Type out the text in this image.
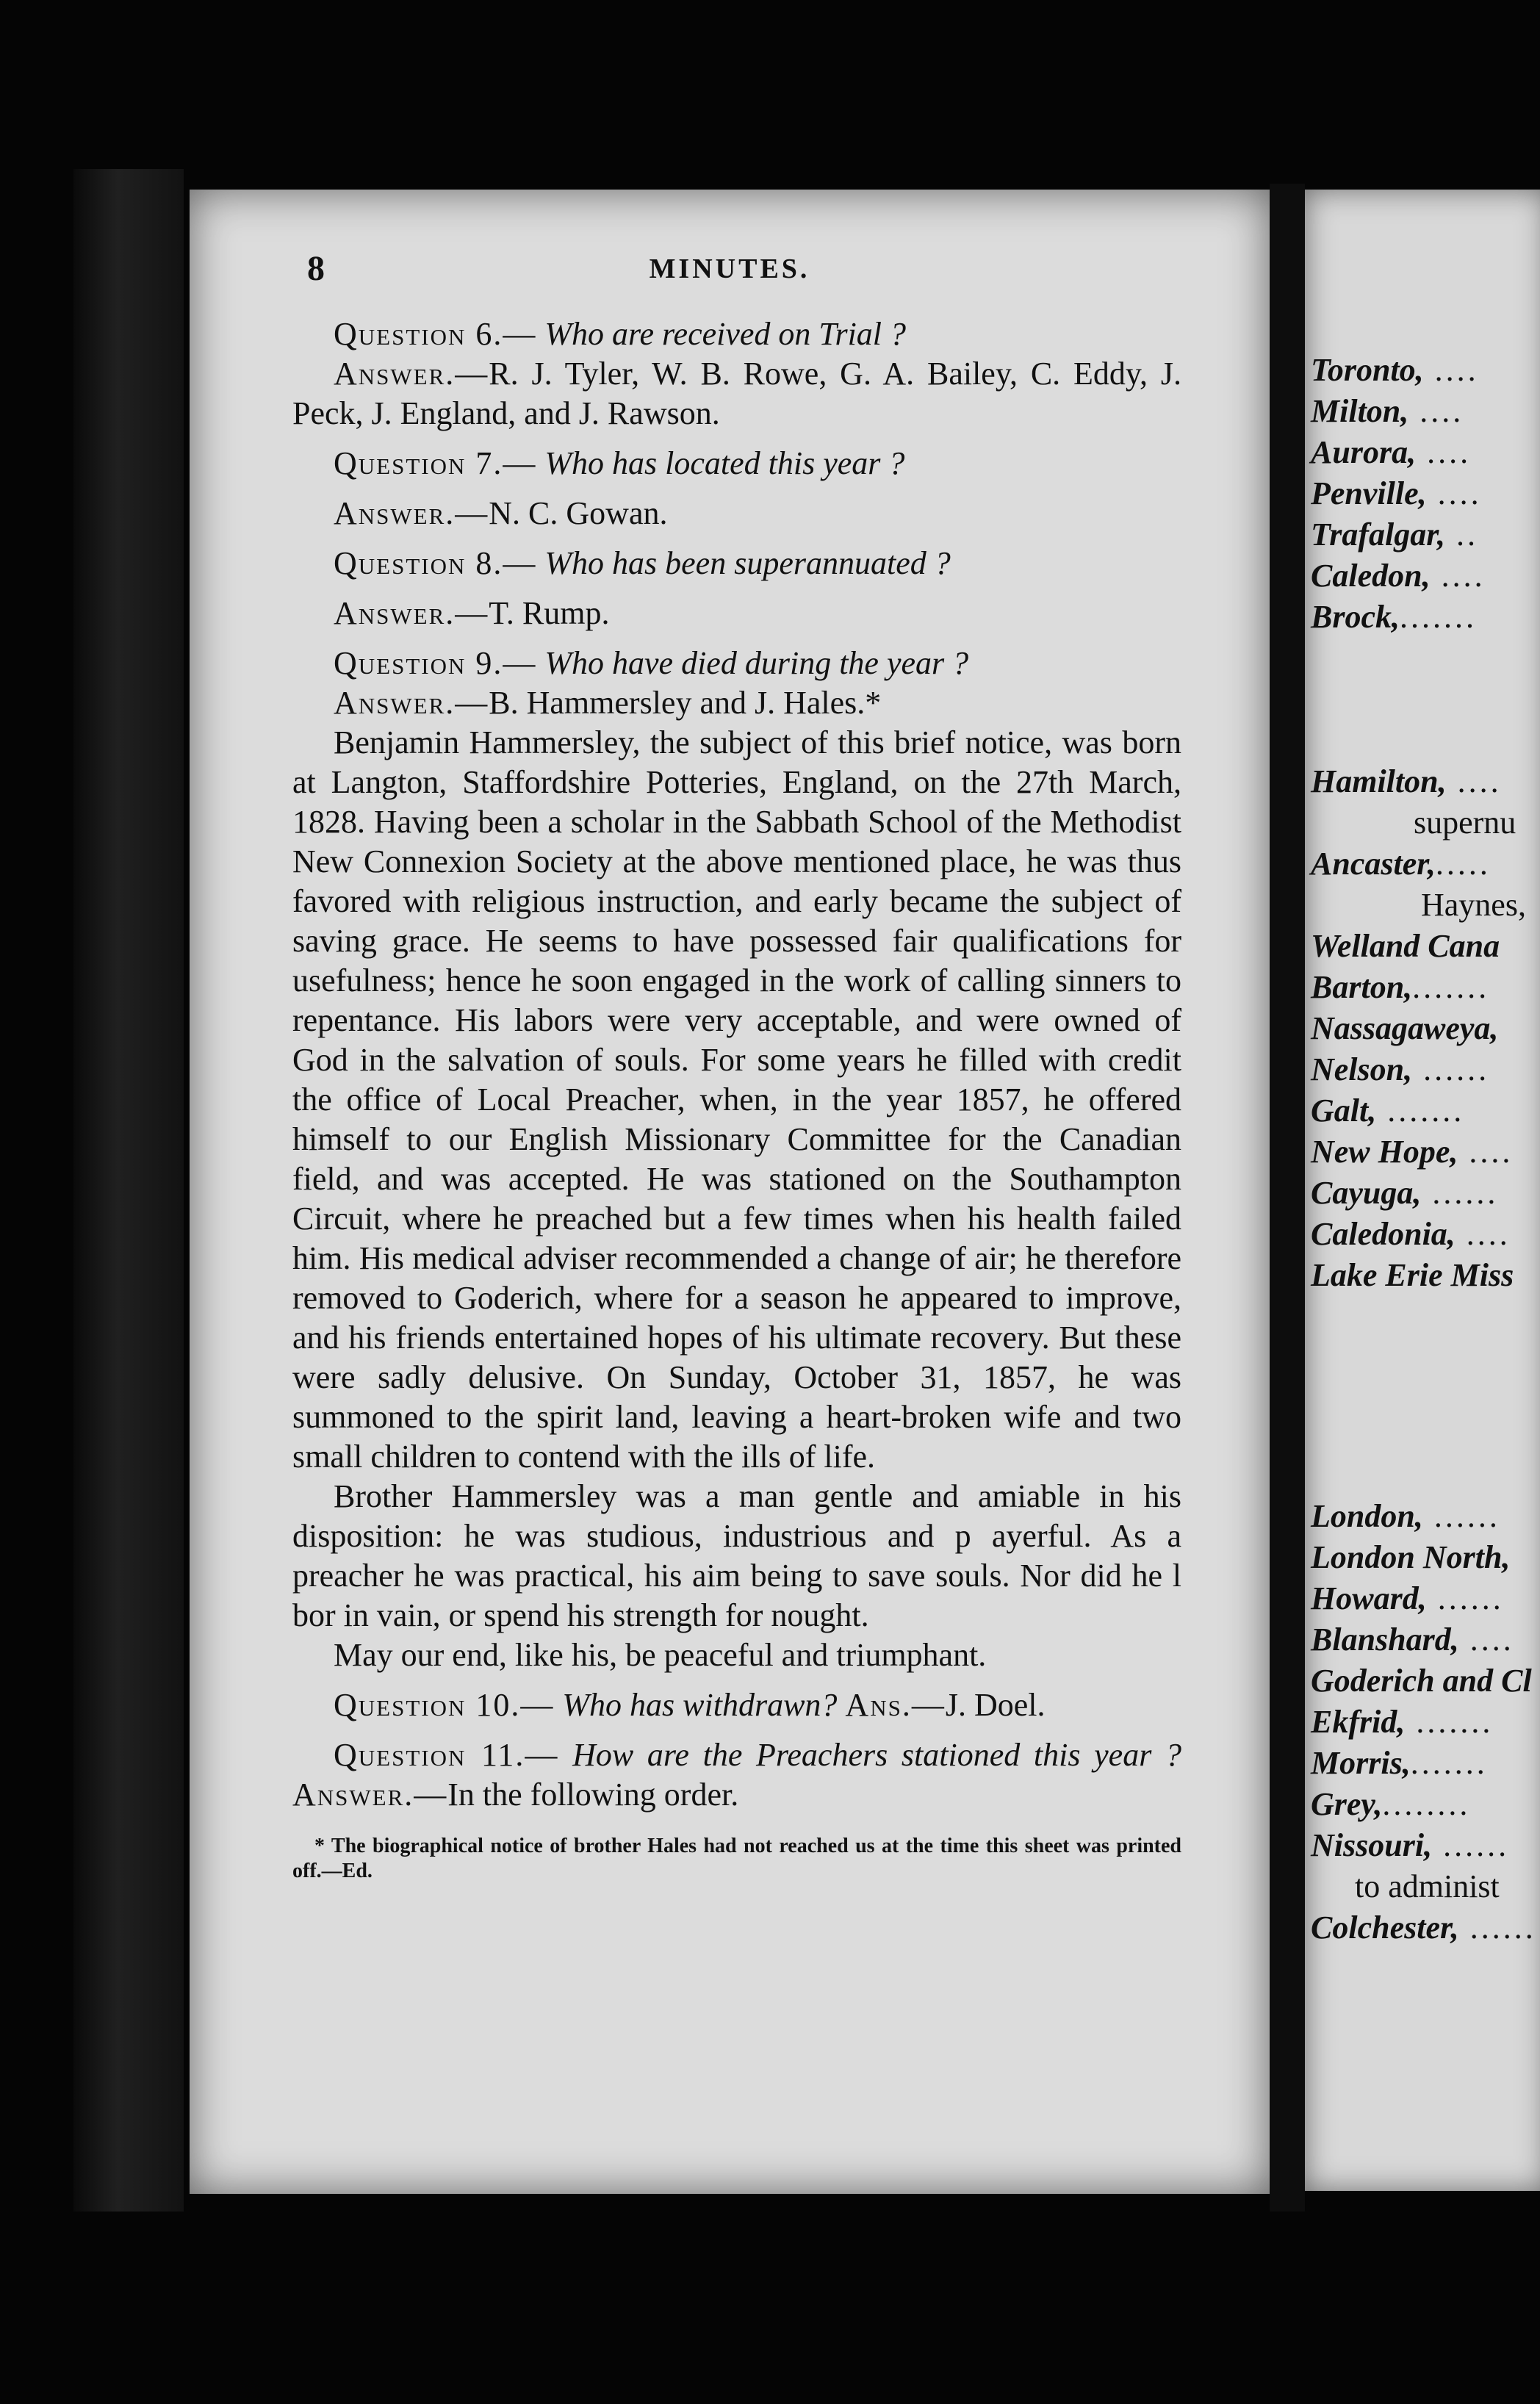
8	MINUTES.

Question 6.— Who are received on Trial ?

Answer.—R. J. Tyler, W. B. Rowe, G. A. Bailey, C. Eddy, J. Peck, J. England, and J. Rawson.

Question 7.— Who has located this year ?

Answer.—N. C. Gowan.

Question 8.— Who has been superannuated ?

Answer.—T. Rump.

Question 9.— Who have died during the year ?

Answer.—B. Hammersley and J. Hales.*

Benjamin Hammersley, the subject of this brief notice, was born at Langton, Staffordshire Potteries, England, on the 27th March, 1828. Having been a scholar in the Sabbath School of the Methodist New Connexion Society at the above mentioned place, he was thus favored with religious instruction, and early became the subject of saving grace. He seems to have possessed fair qualifications for usefulness; hence he soon engaged in the work of calling sinners to repentance. His labors were very acceptable, and were owned of God in the salvation of souls. For some years he filled with credit the office of Local Preacher, when, in the year 1857, he offered himself to our English Missionary Committee for the Canadian field, and was accepted. He was stationed on the Southampton Circuit, where he preached but a few times when his health failed him. His medical adviser recommended a change of air; he therefore removed to Goderich, where for a season he appeared to improve, and his friends entertained hopes of his ultimate recovery. But these were sadly delusive. On Sunday, October 31, 1857, he was summoned to the spirit land, leaving a heart-broken wife and two small children to contend with the ills of life.

Brother Hammersley was a man gentle and amiable in his disposition: he was studious, industrious and p ayerful. As a preacher he was practical, his aim being to save souls. Nor did he l bor in vain, or spend his strength for nought.

May our end, like his, be peaceful and triumphant.

Question 10.— Who has withdrawn? Ans.—J. Doel.

Question 11.— How are the Preachers stationed this year ? Answer.—In the following order.

* The biographical notice of brother Hales had not reached us at the time this sheet was printed off.—Ed.

Toronto, ....
Milton, ....
Aurora, ....
Penville, ....
Trafalgar, ..
Caledon, ....
Brock,.......
Hamilton, ....
supernu
Ancaster,.....
Haynes,
Welland Cana
Barton,.......
Nassagaweya,
Nelson, ......
Galt, .......
New Hope, ....
Cayuga, ......
Caledonia, ....
Lake Erie Miss
London, ......
London North,
Howard, ......
Blanshard, ....
Goderich and Cl
Ekfrid, .......
Morris,.......
Grey,........
Nissouri, ......
to administ
Colchester, ......
